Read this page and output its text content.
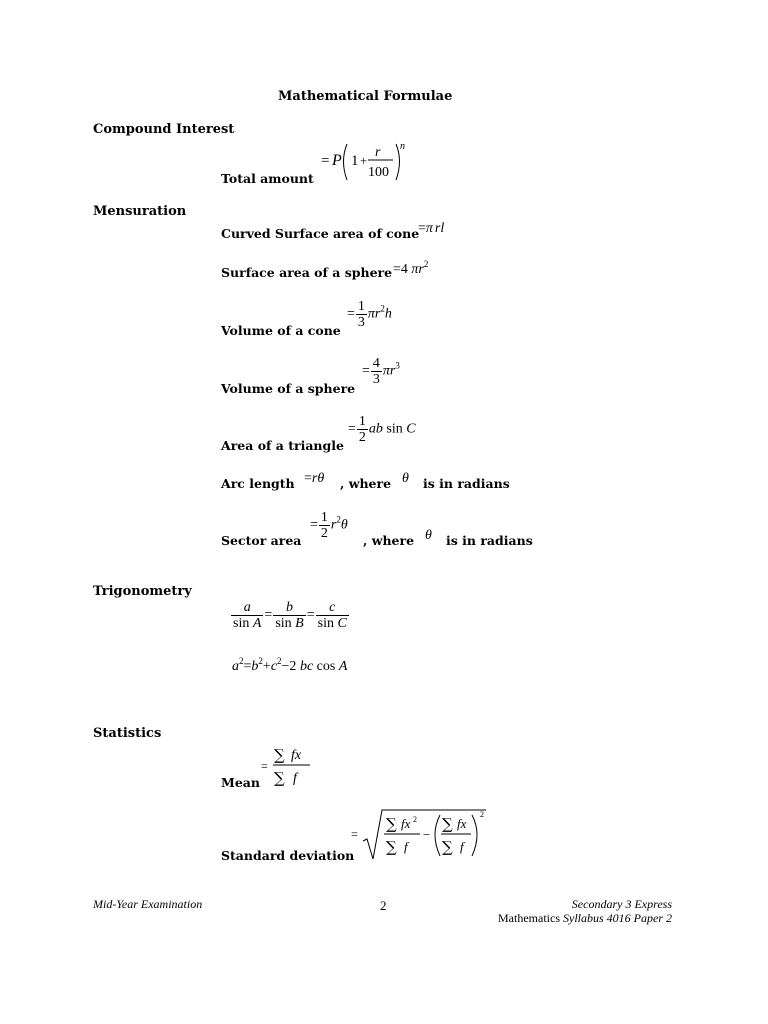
Mathematical Formulae
Compound Interest
Total amount
= P 1 +
r
100
n
Mensuration
Curved Surface area of cone
=π rl
Surface area of a sphere =4 $\pi r^2$
Volume of a cone
= $\frac{1}{3} \pi r^2h$
Volume of a sphere
= $\frac{4}{3} \pi r^3$
Area of a triangle
= $\frac{1}{2}$ ab sin C
Arc length =rθ , where θ is in radians
Sector area
= $\frac{1}{2} r^2\theta$
, where θ is in radians
Trigonometry
$\frac{a}{\text{sin A}} = \frac{b}{\text{sin B}} = \frac{c}{\text{sin C}}$
$a^2=b^2+c^2-2$ bc cos A
Statistics
Mean
=
∑ fx
∑ f
Standard deviation
=
∑ fx 2
∑ f
−
∑ fx
∑ f
2
Mid-Year Examination	2	Secondary 3 Express
Mathematics Syllabus 4016 Paper 2
